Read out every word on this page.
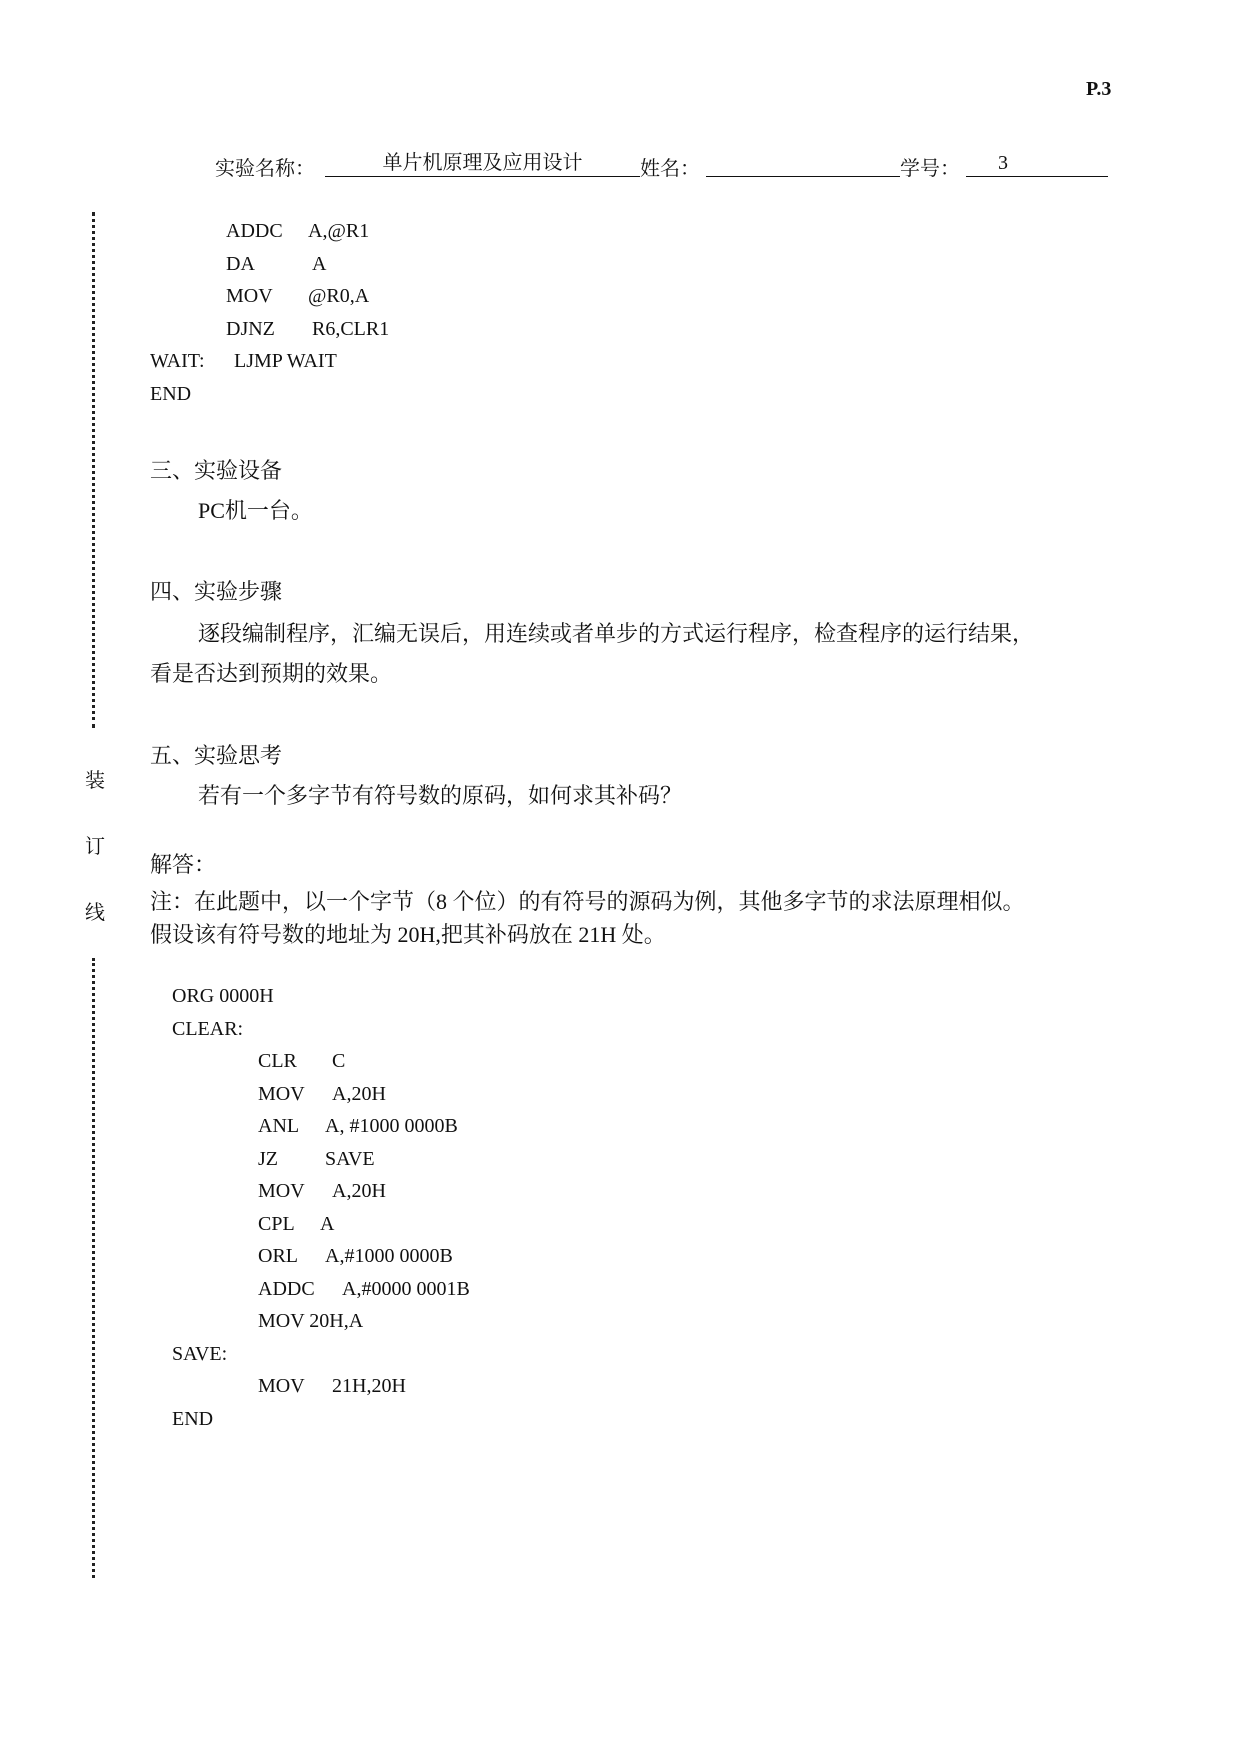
P.3
实验名称：	单片机原理及应用设计	姓名：	学号：	3
装
订
线
ADDC	A,@R1
DA	A
MOV	@R0,A
DJNZ	R6,CLR1
WAIT:	LJMP WAIT
END
三、实验设备
PC机一台。
四、实验步骤
逐段编制程序，汇编无误后，用连续或者单步的方式运行程序，检查程序的运行结果，
看是否达到预期的效果。
五、实验思考
若有一个多字节有符号数的原码，如何求其补码？
解答：
注：在此题中，以一个字节（8 个位）的有符号的源码为例，其他多字节的求法原理相似。
假设该有符号数的地址为 20H,把其补码放在 21H 处。
ORG 0000H
CLEAR:
CLR	C
MOV	A,20H
ANL	A, #1000 0000B
JZ	SAVE
MOV	A,20H
CPL	A
ORL	A,#1000 0000B
ADDC	A,#0000 0001B
MOV 20H,A
SAVE:
MOV	21H,20H
END
